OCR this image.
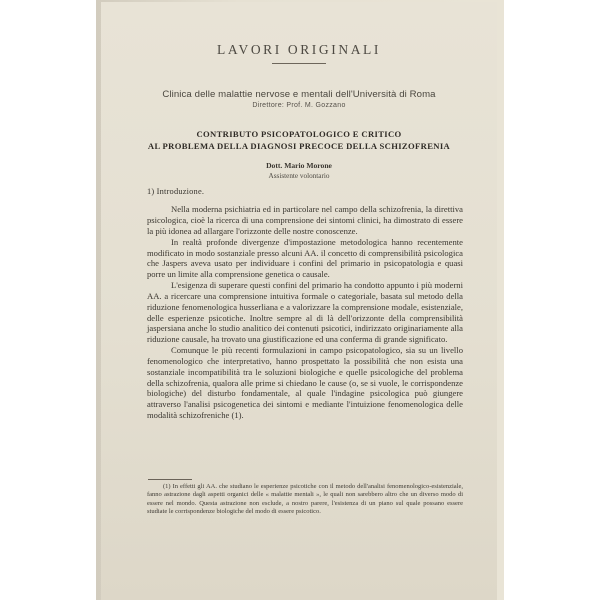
LAVORI ORIGINALI
Clinica delle malattie nervose e mentali dell'Università di Roma
Direttore: Prof. M. Gozzano
CONTRIBUTO PSICOPATOLOGICO E CRITICO
AL PROBLEMA DELLA DIAGNOSI PRECOCE DELLA SCHIZOFRENIA
Dott. Mario Morone
Assistente volontario
1) Introduzione.

Nella moderna psichiatria ed in particolare nel campo della schizofrenia, la direttiva psicologica, cioè la ricerca di una comprensione dei sintomi clinici, ha dimostrato di essere la più idonea ad allargare l'orizzonte delle nostre conoscenze.

In realtà profonde divergenze d'impostazione metodologica hanno recentemente modificato in modo sostanziale presso alcuni AA. il concetto di comprensibilità psicologica che Jaspers aveva usato per individuare i confini del primario in psicopatologia e quasi porre un limite alla comprensione genetica o causale.

L'esigenza di superare questi confini del primario ha condotto appunto i più moderni AA. a ricercare una comprensione intuitiva formale o categoriale, basata sul metodo della riduzione fenomenologica husserliana e a valorizzare la comprensione modale, esistenziale, delle esperienze psicotiche. Inoltre sempre al di là dell'orizzonte della comprensibilità jaspersiana anche lo studio analitico dei contenuti psicotici, indirizzato originariamente alla riduzione causale, ha trovato una giustificazione ed una conferma di grande significato.

Comunque le più recenti formulazioni in campo psicopatologico, sia su un livello fenomenologico che interpretativo, hanno prospettato la possibilità che non esista una sostanziale incompatibilità tra le soluzioni biologiche e quelle psicologiche del problema della schizofrenia, qualora alle prime si chiedano le cause (o, se si vuole, le corrispondenze biologiche) del disturbo fondamentale, al quale l'indagine psicologica può giungere attraverso l'analisi psicogenetica dei sintomi e mediante l'intuizione fenomenologica delle modalità schizofreniche (1).

(1) In effetti gli AA. che studiano le esperienze psicotiche con il metodo dell'analisi fenomenologico-esistenziale, fanno astrazione dagli aspetti organici delle « malattie mentali », le quali non sarebbero altro che un diverso modo di essere nel mondo. Questa astrazione non esclude, a nostro parere, l'esistenza di un piano sul quale possano essere studiate le corrispondenze biologiche del modo di essere psicotico.
